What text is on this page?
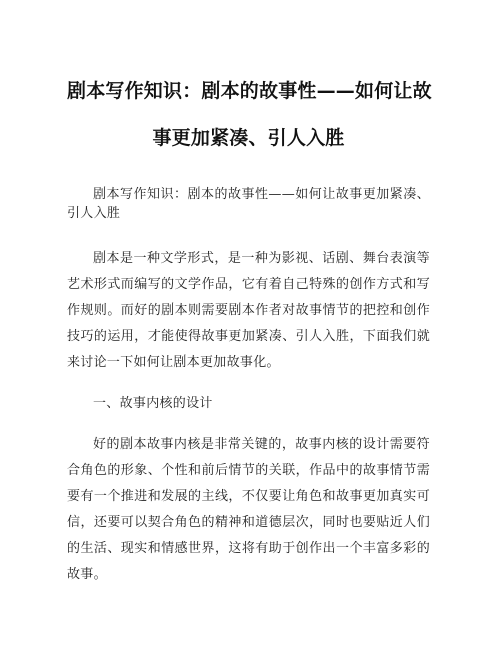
剧本写作知识：剧本的故事性——如何让故
事更加紧凑、引人入胜

剧本写作知识：剧本的故事性——如何让故事更加紧凑、引人入胜

剧本是一种文学形式，是一种为影视、话剧、舞台表演等艺术形式而编写的文学作品，它有着自己特殊的创作方式和写作规则。而好的剧本则需要剧本作者对故事情节的把控和创作技巧的运用，才能使得故事更加紧凑、引人入胜，下面我们就来讨论一下如何让剧本更加故事化。

一、故事内核的设计

好的剧本故事内核是非常关键的，故事内核的设计需要符合角色的形象、个性和前后情节的关联，作品中的故事情节需要有一个推进和发展的主线，不仅要让角色和故事更加真实可信，还要可以契合角色的精神和道德层次，同时也要贴近人们的生活、现实和情感世界，这将有助于创作出一个丰富多彩的故事。
